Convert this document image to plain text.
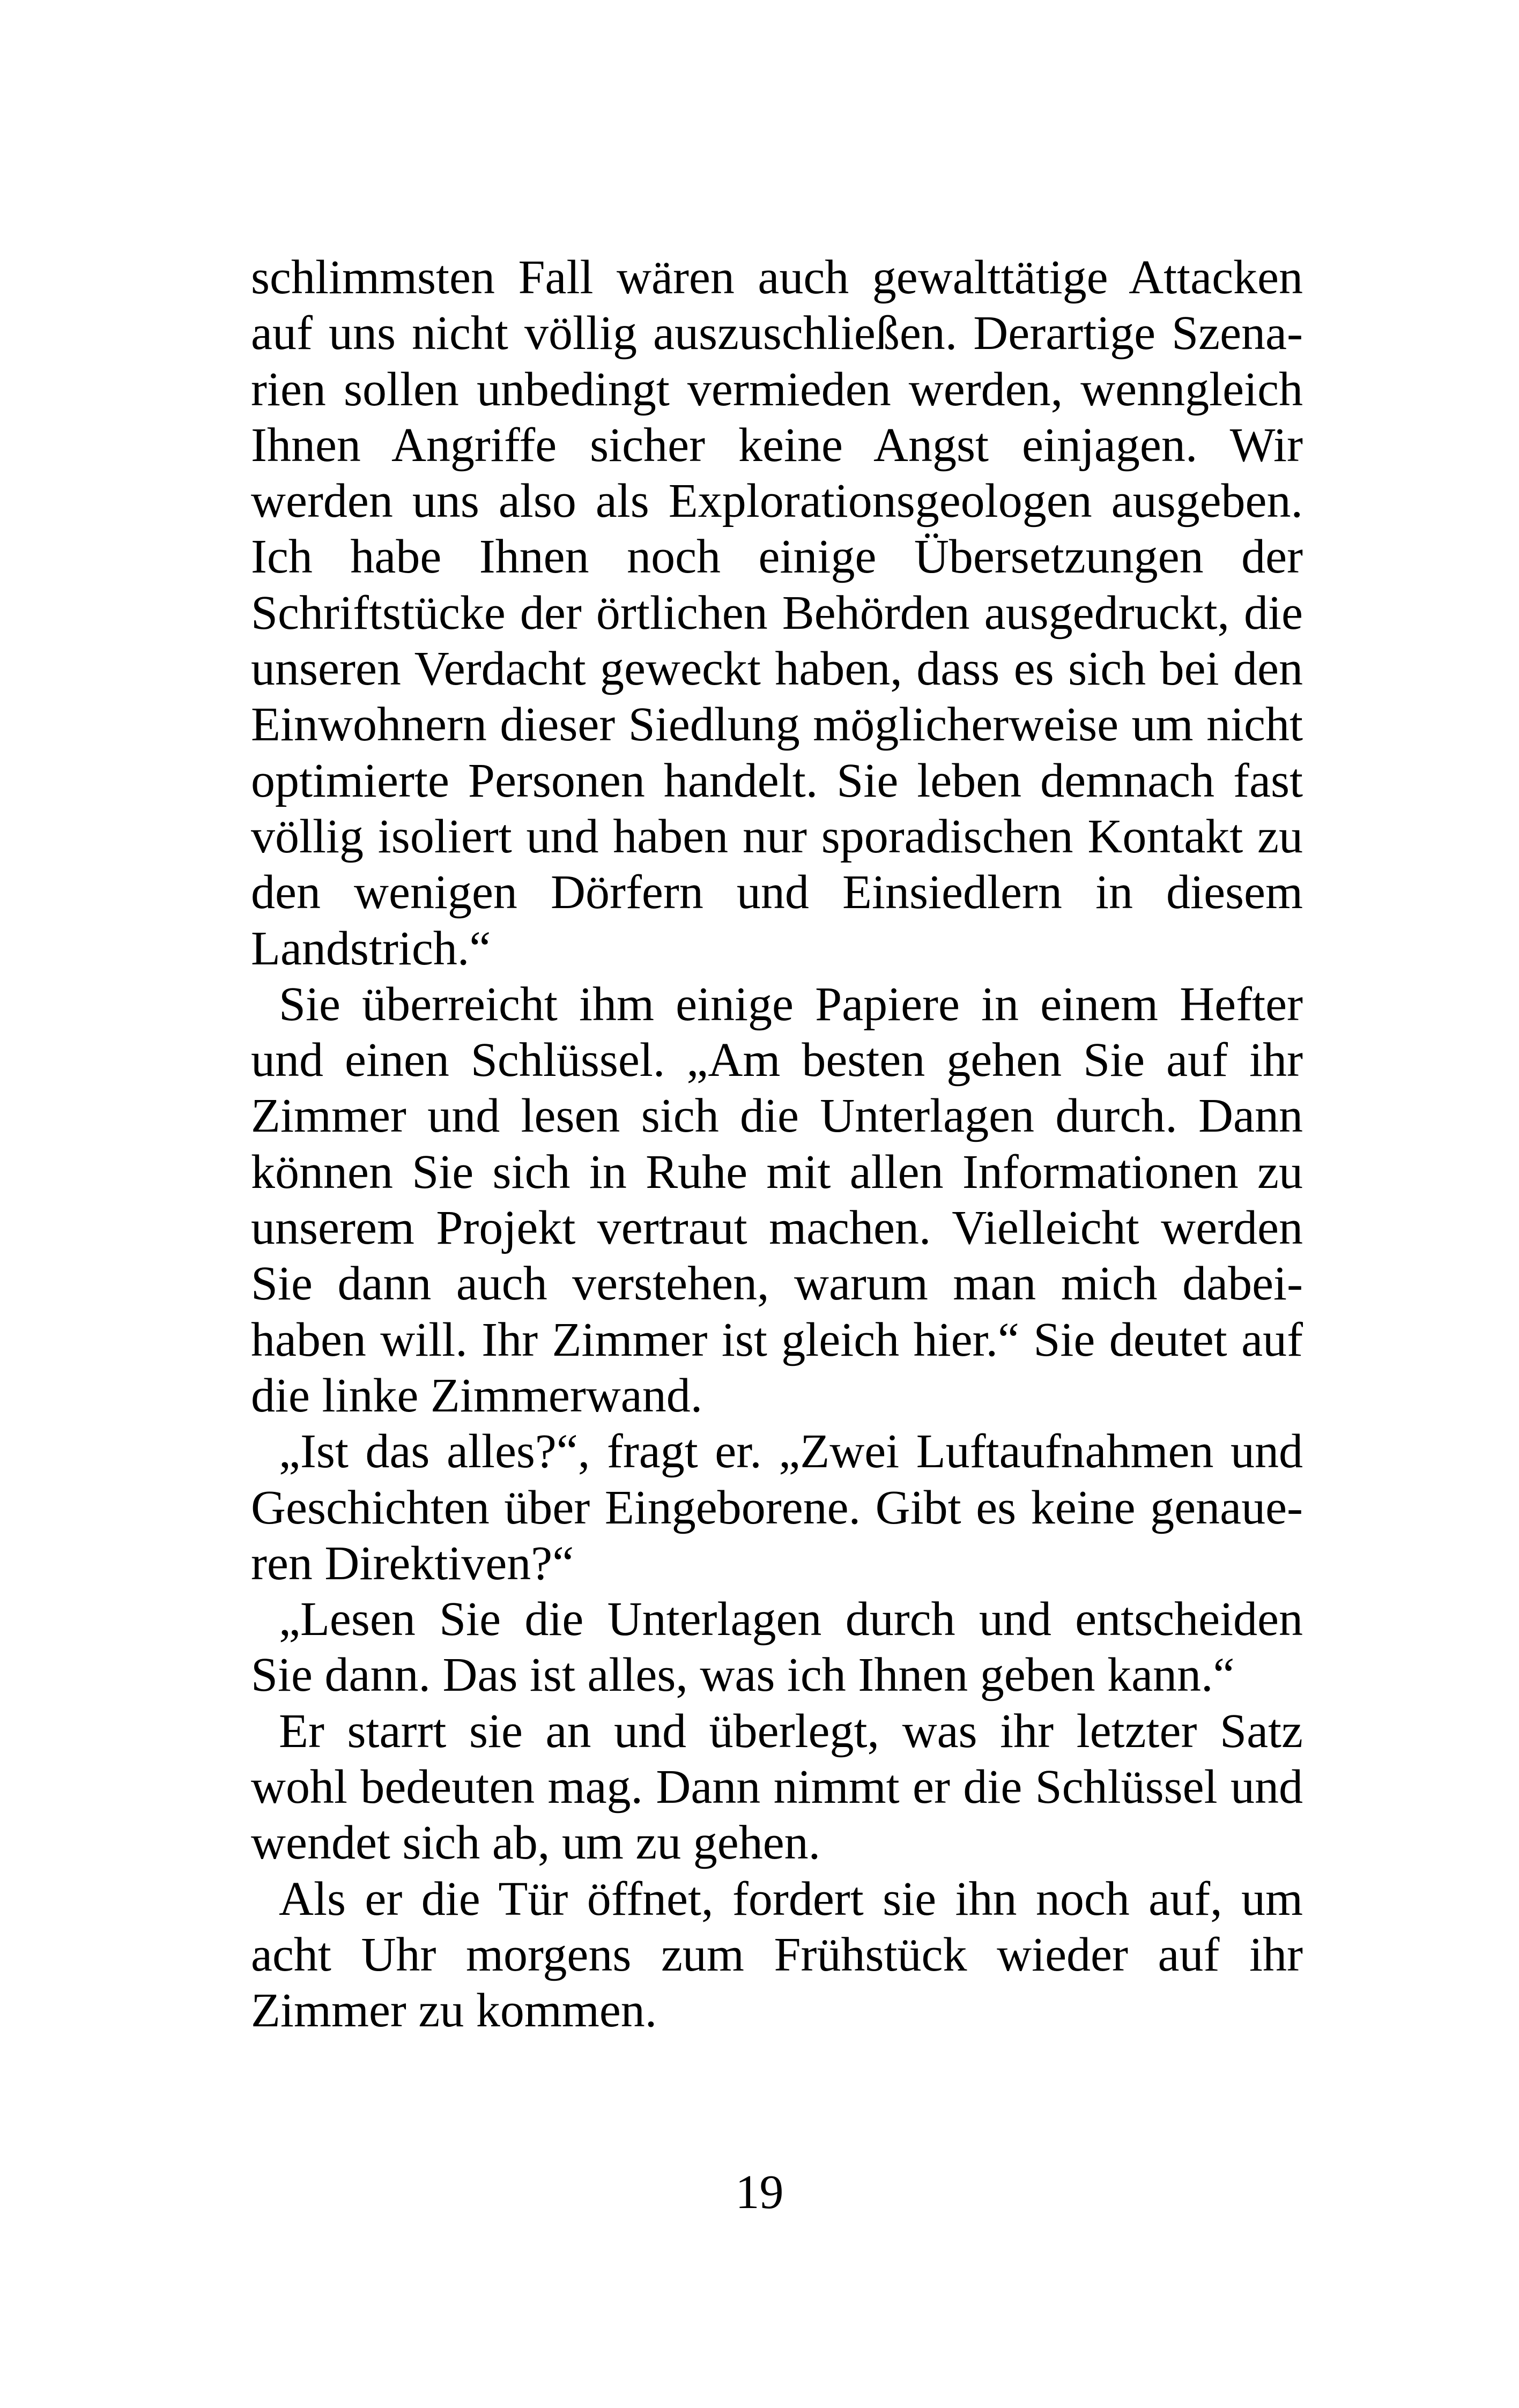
schlimmsten Fall wären auch gewalttätige Attacken auf uns nicht völlig auszuschließen. Derartige Szenarien sollen unbedingt vermieden werden, wenngleich Ihnen Angriffe sicher keine Angst einjagen. Wir werden uns also als Explorationsgeologen ausgeben. Ich habe Ihnen noch einige Übersetzungen der Schriftstücke der örtlichen Behörden ausgedruckt, die unseren Verdacht geweckt haben, dass es sich bei den Einwohnern dieser Siedlung möglicherweise um nicht optimierte Personen handelt. Sie leben demnach fast völlig isoliert und haben nur sporadischen Kontakt zu den wenigen Dörfern und Einsiedlern in diesem Landstrich.“

Sie überreicht ihm einige Papiere in einem Hefter und einen Schlüssel. „Am besten gehen Sie auf ihr Zimmer und lesen sich die Unterlagen durch. Dann können Sie sich in Ruhe mit allen Informationen zu unserem Projekt vertraut machen. Vielleicht werden Sie dann auch verstehen, warum man mich dabeihaben will. Ihr Zimmer ist gleich hier.“ Sie deutet auf die linke Zimmerwand.

„Ist das alles?“, fragt er. „Zwei Luftaufnahmen und Geschichten über Eingeborene. Gibt es keine genaueren Direktiven?“

„Lesen Sie die Unterlagen durch und entscheiden Sie dann. Das ist alles, was ich Ihnen geben kann.“

Er starrt sie an und überlegt, was ihr letzter Satz wohl bedeuten mag. Dann nimmt er die Schlüssel und wendet sich ab, um zu gehen.

Als er die Tür öffnet, fordert sie ihn noch auf, um acht Uhr morgens zum Frühstück wieder auf ihr Zimmer zu kommen.

19
